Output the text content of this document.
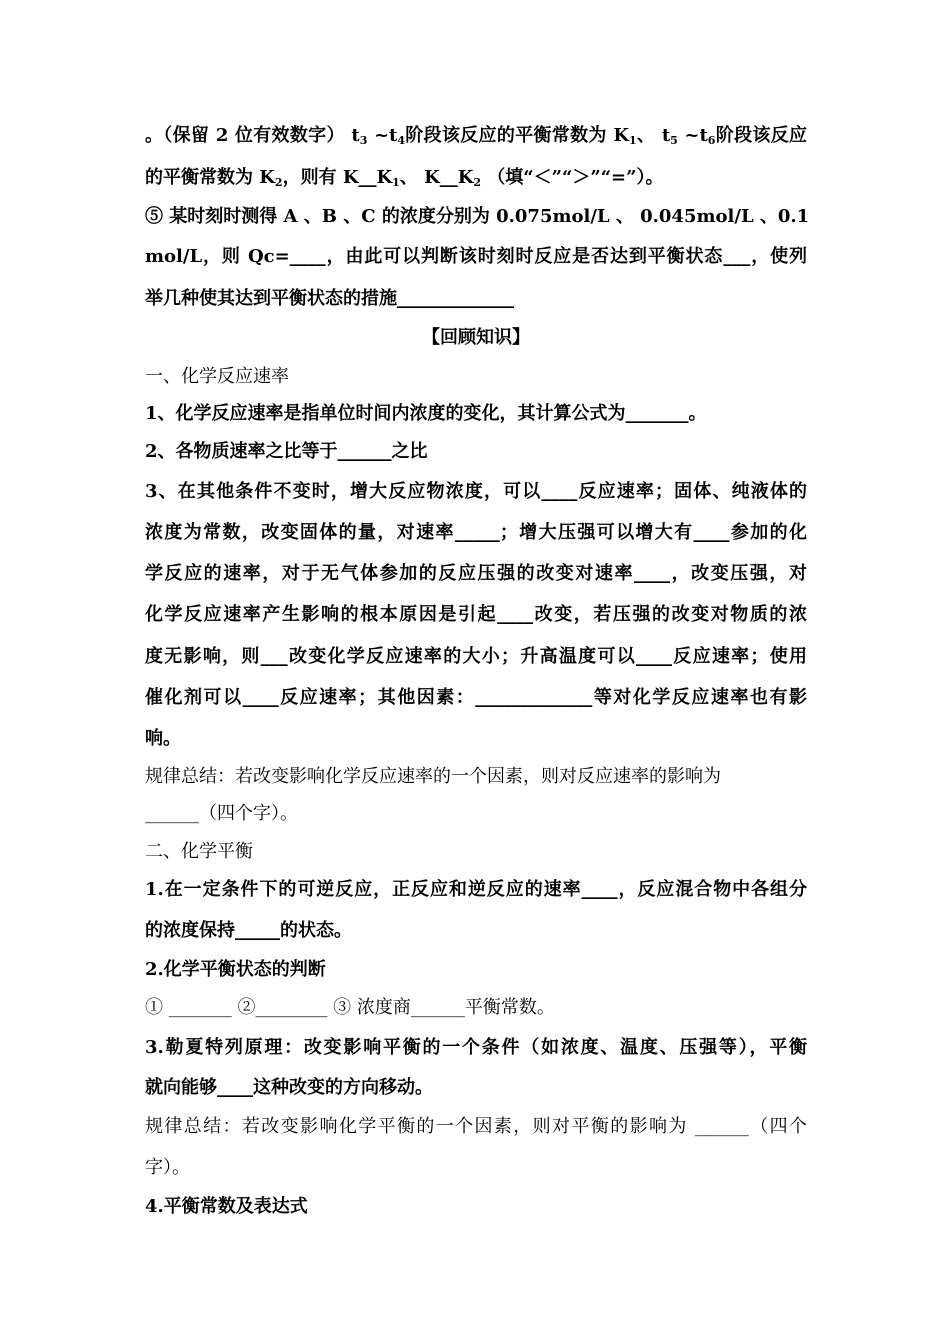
。（保留 2 位有效数字） $t_3$ $\sim t_4$阶段该反应的平衡常数为 $K_1$、 $t_5$ $\sim t_6$阶段该反应
的平衡常数为 $K_2$，则有 $K\_\_K_1$、 $K\_\_K_2$ （填“＜”“＞”“=”）。
⑤ 某时刻时测得 A 、B 、C 的浓度分别为 0.075mol/L 、 0.045mol/L 、0.1
mol/L，则 Qc=____，由此可以判断该时刻时反应是否达到平衡状态___，使列
举几种使其达到平衡状态的措施_____________
【回顾知识】
一、化学反应速率
1、化学反应速率是指单位时间内浓度的变化，其计算公式为_______。
2、各物质速率之比等于______之比
3、在其他条件不变时，增大反应物浓度，可以____反应速率；固体、纯液体的
浓度为常数，改变固体的量，对速率_____；增大压强可以增大有____参加的化
学反应的速率，对于无气体参加的反应压强的改变对速率____，改变压强，对
化学反应速率产生影响的根本原因是引起____改变，若压强的改变对物质的浓
度无影响，则___改变化学反应速率的大小；升高温度可以____反应速率；使用
催化剂可以____反应速率；其他因素：_____________等对化学反应速率也有影
响。
规律总结：若改变影响化学反应速率的一个因素，则对反应速率的影响为
______（四个字）。
二、化学平衡
1.在一定条件下的可逆反应，正反应和逆反应的速率____，反应混合物中各组分
的浓度保持_____的状态。
2.化学平衡状态的判断
① _______ ②________ ③ 浓度商______平衡常数。
3.勒夏特列原理：改变影响平衡的一个条件（如浓度、温度、压强等），平衡
就向能够____这种改变的方向移动。
规律总结：若改变影响化学平衡的一个因素，则对平衡的影响为 ______（四个
字）。
4.平衡常数及表达式
